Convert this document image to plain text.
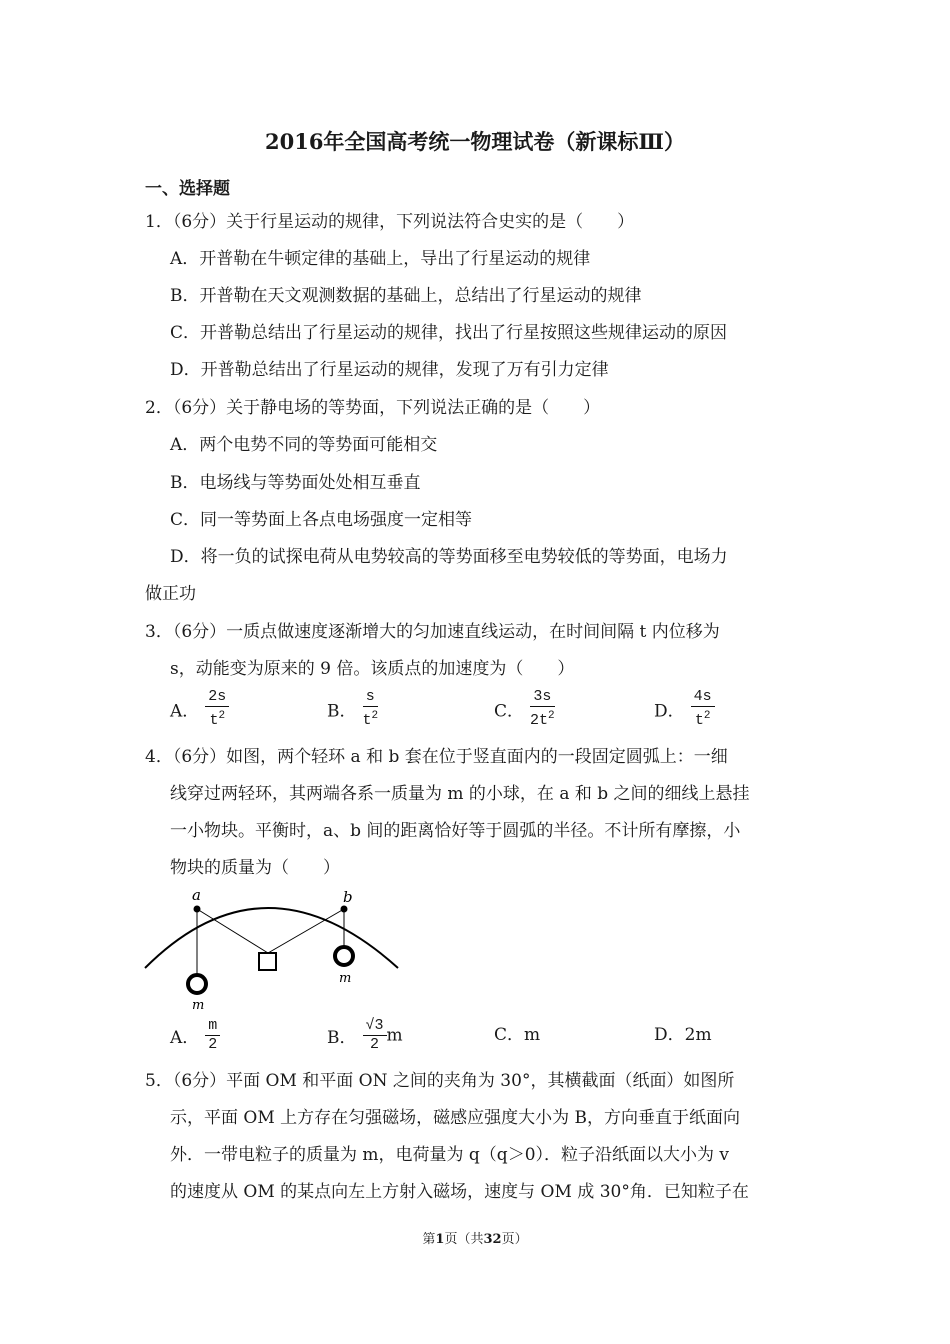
2016年全国高考统一物理试卷（新课标Ⅲ）
一、选择题
1．（6分）关于行星运动的规律，下列说法符合史实的是（　　）
A．开普勒在牛顿定律的基础上，导出了行星运动的规律
B．开普勒在天文观测数据的基础上，总结出了行星运动的规律
C．开普勒总结出了行星运动的规律，找出了行星按照这些规律运动的原因
D．开普勒总结出了行星运动的规律，发现了万有引力定律
2．（6分）关于静电场的等势面，下列说法正确的是（　　）
A．两个电势不同的等势面可能相交
B．电场线与等势面处处相互垂直
C．同一等势面上各点电场强度一定相等
D．将一负的试探电荷从电势较高的等势面移至电势较低的等势面，电场力
做正功
3．（6分）一质点做速度逐渐增大的匀加速直线运动，在时间间隔 t 内位移为
s，动能变为原来的 9 倍。该质点的加速度为（　　）
A． $\frac{2s}{t^2}$	B． $\frac{s}{t^2}$	C． $\frac{3s}{2t^2}$	D． $\frac{4s}{t^2}$
4．（6分）如图，两个轻环 a 和 b 套在位于竖直面内的一段固定圆弧上：一细
线穿过两轻环，其两端各系一质量为 m 的小球，在 a 和 b 之间的细线上悬挂
一小物块。平衡时，a、b 间的距离恰好等于圆弧的半径。不计所有摩擦，小
物块的质量为（　　）
a	b
m
m
A． $\frac{m}{2}$	B． $\frac{√3}{2}$ m	C．m	D．2m
5．（6分）平面 OM 和平面 ON 之间的夹角为 30°，其横截面（纸面）如图所
示，平面 OM 上方存在匀强磁场，磁感应强度大小为 B，方向垂直于纸面向
外．一带电粒子的质量为 m，电荷量为 q（q＞0）．粒子沿纸面以大小为 v
的速度从 OM 的某点向左上方射入磁场，速度与 OM 成 30°角．已知粒子在
第1页（共32页）
